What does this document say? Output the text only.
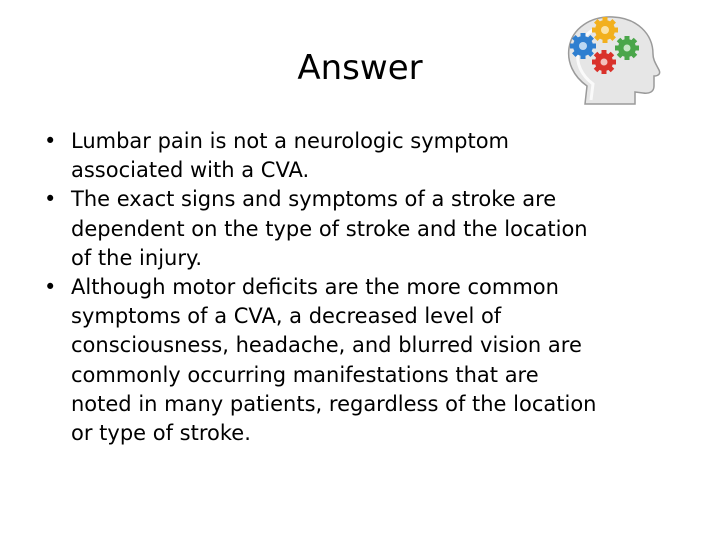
Answer
• Lumbar pain is not a neurologic symptom
associated with a CVA.
• The exact signs and symptoms of a stroke are
dependent on the type of stroke and the location
of the injury.
• Although motor deficits are the more common
symptoms of a CVA, a decreased level of
consciousness, headache, and blurred vision are
commonly occurring manifestations that are
noted in many patients, regardless of the location
or type of stroke.
